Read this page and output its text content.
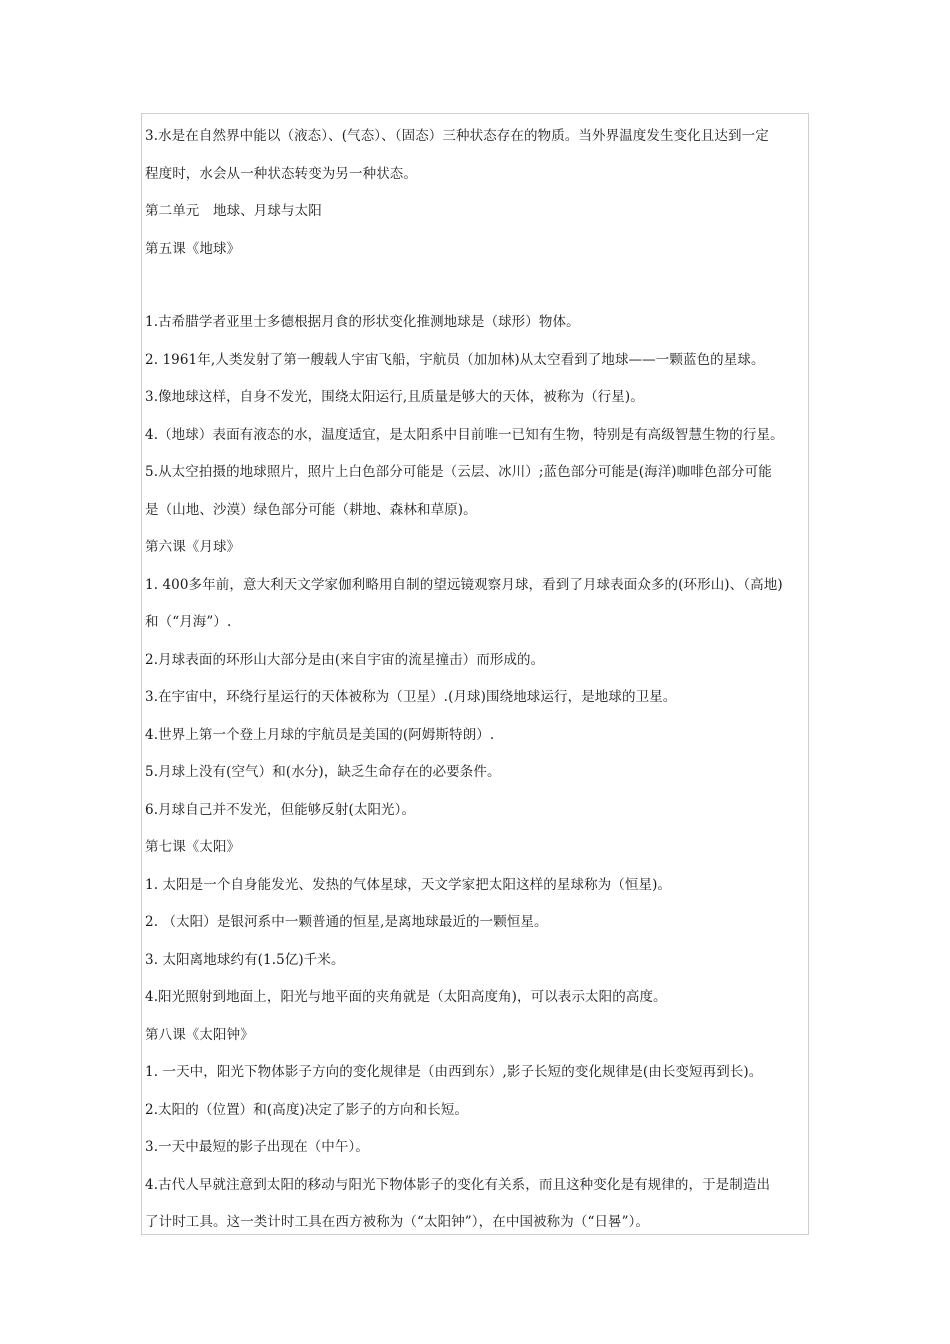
3.水是在自然界中能以（液态）、(气态）、（固态）三种状态存在的物质。当外界温度发生变化且达到一定
程度时，水会从一种状态转变为另一种状态。
第二单元　地球、月球与太阳
第五课《地球》
1.古希腊学者亚里士多德根据月食的形状变化推测地球是（球形）物体。
2. 1961年,人类发射了第一艘载人宇宙飞船，宇航员（加加林)从太空看到了地球——一颗蓝色的星球。
3.像地球这样，自身不发光，围绕太阳运行,且质量是够大的天体，被称为（行星)。
4.（地球）表面有液态的水，温度适宜，是太阳系中目前唯一已知有生物，特别是有高级智慧生物的行星。
5.从太空拍摄的地球照片，照片上白色部分可能是（云层、冰川）;蓝色部分可能是(海洋)咖啡色部分可能
是（山地、沙漠）绿色部分可能（耕地、森林和草原)。
第六课《月球》
1. 400多年前，意大利天文学家伽利略用自制的望远镜观察月球，看到了月球表面众多的(环形山)、（高地)
和（“月海”）.
2.月球表面的环形山大部分是由(来自宇宙的流星撞击）而形成的。
3.在宇宙中，环绕行星运行的天体被称为（卫星）.(月球)围绕地球运行，是地球的卫星。
4.世界上第一个登上月球的宇航员是美国的(阿姆斯特朗）.
5.月球上没有(空气）和(水分)，缺乏生命存在的必要条件。
6.月球自己并不发光，但能够反射(太阳光）。
第七课《太阳》
1. 太阳是一个自身能发光、发热的气体星球，天文学家把太阳这样的星球称为（恒星)。
2. （太阳）是银河系中一颗普通的恒星,是离地球最近的一颗恒星。
3. 太阳离地球约有(1.5亿)千米。
4.阳光照射到地面上，阳光与地平面的夹角就是（太阳高度角)，可以表示太阳的高度。
第八课《太阳钟》
1. 一天中，阳光下物体影子方向的变化规律是（由西到东）,影子长短的变化规律是(由长变短再到长)。
2.太阳的（位置）和(高度)决定了影子的方向和长短。
3.一天中最短的影子出现在（中午）。
4.古代人早就注意到太阳的移动与阳光下物体影子的变化有关系，而且这种变化是有规律的，于是制造出
了计时工具。这一类计时工具在西方被称为（“太阳钟”），在中国被称为（“日晷”）。
